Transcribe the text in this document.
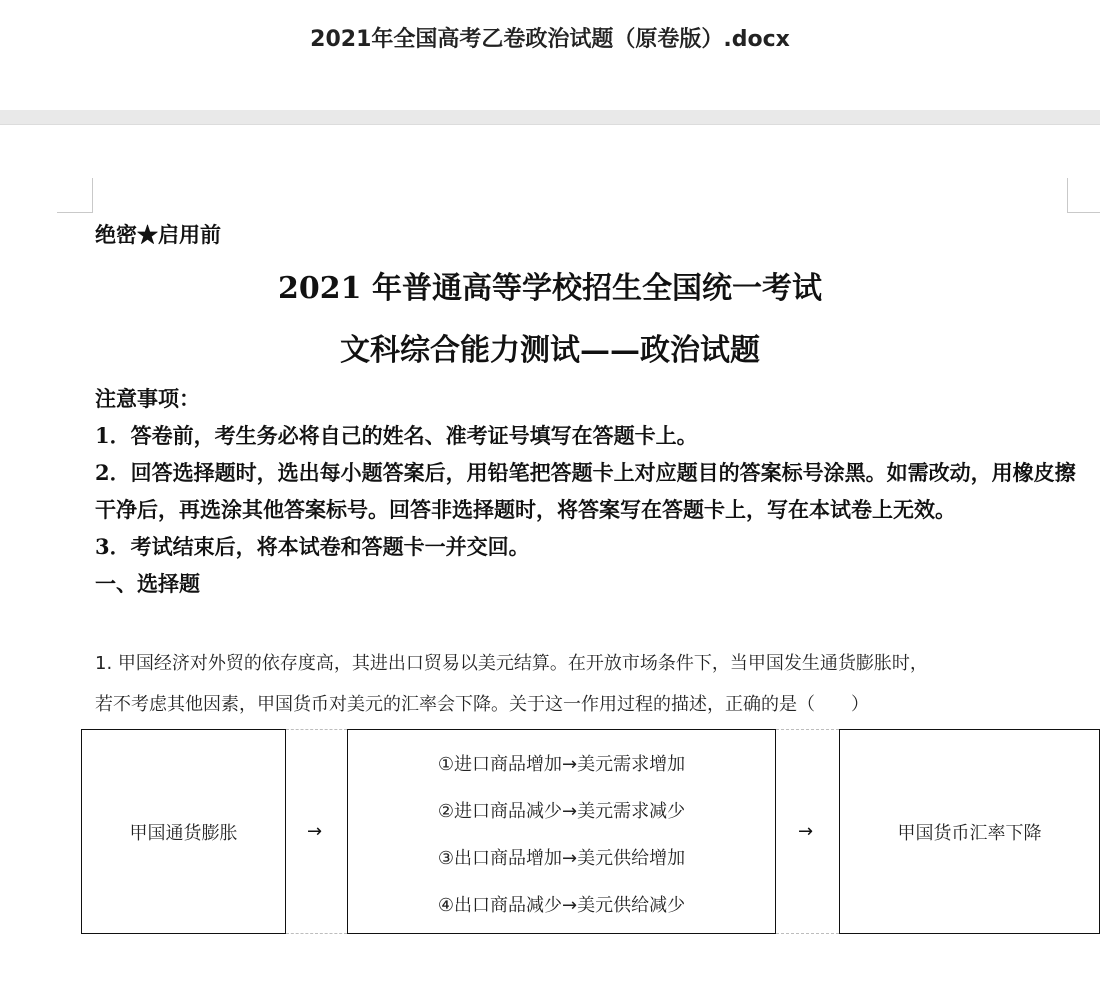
2021年全国高考乙卷政治试题（原卷版）.docx

绝密★启用前

2021 年普通高等学校招生全国统一考试
文科综合能力测试——政治试题

注意事项：

1．答卷前，考生务必将自己的姓名、准考证号填写在答题卡上。

2．回答选择题时，选出每小题答案后，用铅笔把答题卡上对应题目的答案标号涂黑。如需改动，用橡皮擦干净后，再选涂其他答案标号。回答非选择题时，将答案写在答题卡上，写在本试卷上无效。

3．考试结束后，将本试卷和答题卡一并交回。

一、选择题

1. 甲国经济对外贸的依存度高，其进出口贸易以美元结算。在开放市场条件下，当甲国发生通货膨胀时，

若不考虑其他因素，甲国货币对美元的汇率会下降。关于这一作用过程的描述，正确的是（　　）

甲国通货膨胀	→

①进口商品增加→美元需求增加

②进口商品减少→美元需求减少

③出口商品增加→美元供给增加

④出口商品减少→美元供给减少

→	甲国货币汇率下降
